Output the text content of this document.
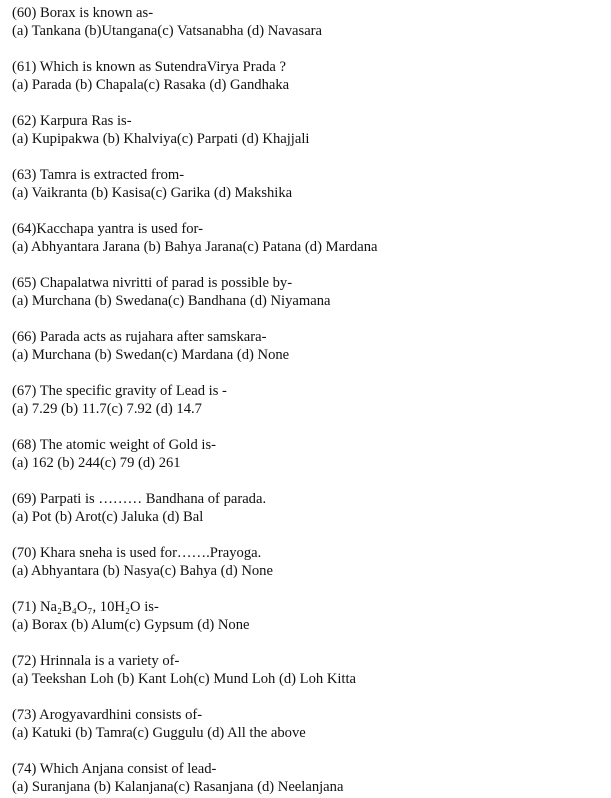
(60) Borax is known as-
(a) Tankana (b)Utangana(c) Vatsanabha (d) Navasara
(61) Which is known as SutendraVirya Prada ?
(a) Parada (b) Chapala(c) Rasaka (d) Gandhaka
(62) Karpura Ras is-
(a) Kupipakwa (b) Khalviya(c) Parpati (d) Khajjali
(63) Tamra is extracted from-
(a) Vaikranta (b) Kasisa(c) Garika (d) Makshika
(64)Kacchapa yantra is used for-
(a) Abhyantara Jarana (b) Bahya Jarana(c) Patana (d) Mardana
(65) Chapalatwa nivritti of parad is possible by-
(a) Murchana (b) Swedana(c) Bandhana (d) Niyamana
(66) Parada acts as rujahara after samskara-
(a) Murchana (b) Swedan(c) Mardana (d) None
(67) The specific gravity of Lead is -
(a) 7.29 (b) 11.7(c) 7.92 (d) 14.7
(68) The atomic weight of Gold is-
(a) 162 (b) 244(c) 79 (d) 261
(69) Parpati is ……… Bandhana of parada.
(a) Pot (b) Arot(c) Jaluka (d) Bal
(70) Khara sneha is used for…….Prayoga.
(a) Abhyantara (b) Nasya(c) Bahya (d) None
(71) Na₂B₄O₇, 10H₂O is-
(a) Borax (b) Alum(c) Gypsum (d) None
(72) Hrinnala is a variety of-
(a) Teekshan Loh (b) Kant Loh(c) Mund Loh (d) Loh Kitta
(73) Arogyavardhini consists of-
(a) Katuki (b) Tamra(c) Guggulu (d) All the above
(74) Which Anjana consist of lead-
(a) Suranjana (b) Kalanjana(c) Rasanjana (d) Neelanjana
